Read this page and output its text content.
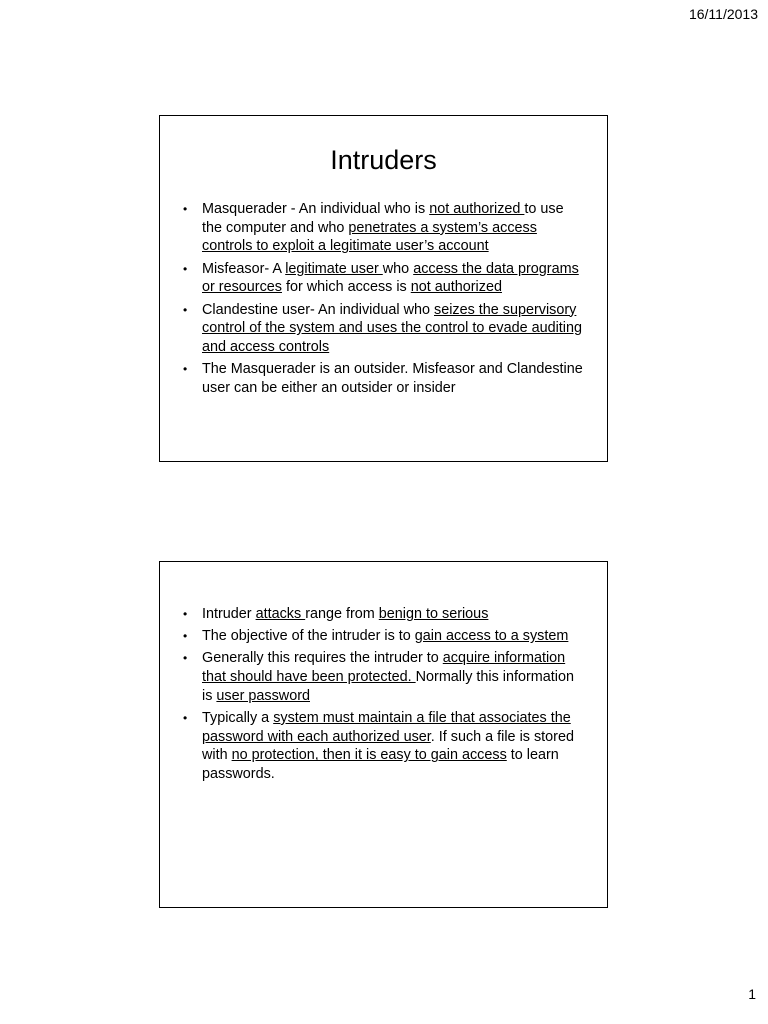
16/11/2013
Intruders
• Masquerader - An individual who is not authorized to use the computer and who penetrates a system’s access controls to exploit a legitimate user’s account
• Misfeasor- A legitimate user who access the data programs or resources for which access is not authorized
• Clandestine user- An individual who seizes the supervisory control of the system and uses the control to evade auditing and access controls
• The Masquerader is an outsider. Misfeasor and Clandestine user can be either an outsider or insider
• Intruder attacks range from benign to serious
• The objective of the intruder is to gain access to a system
• Generally this requires the intruder to acquire information that should have been protected. Normally this information is user password
• Typically a system must maintain a file that associates the password with each authorized user. If such a file is stored with no protection, then it is easy to gain access to learn passwords.
1
